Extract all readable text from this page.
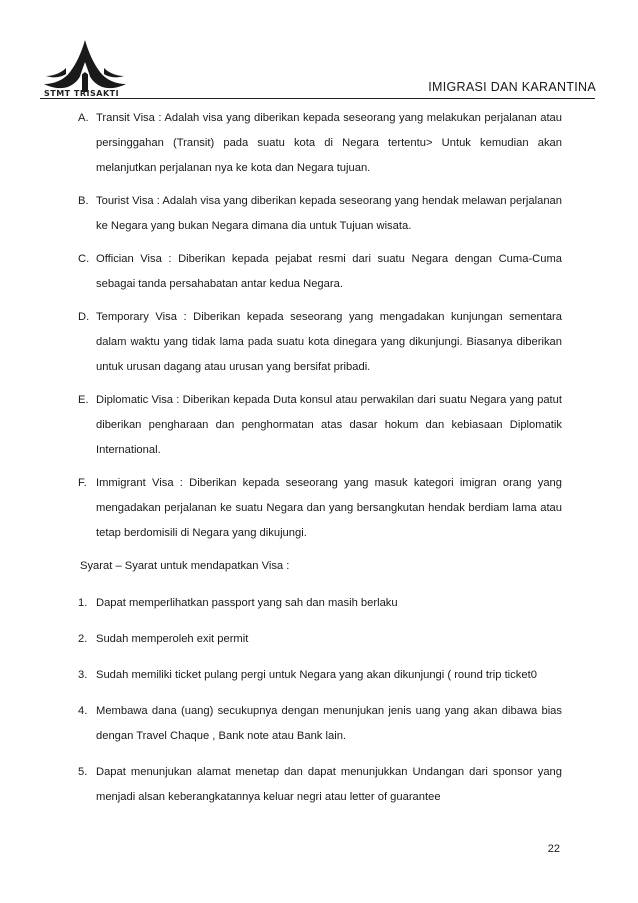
STMT TRISAKTI	IMIGRASI DAN KARANTINA
A. Transit Visa : Adalah visa yang diberikan kepada seseorang yang melakukan perjalanan atau persinggahan (Transit) pada suatu kota di Negara tertentu> Untuk kemudian akan melanjutkan perjalanan nya ke kota dan Negara tujuan.
B. Tourist Visa : Adalah visa yang diberikan kepada seseorang yang hendak melawan perjalanan ke Negara yang bukan Negara dimana dia untuk Tujuan wisata.
C. Offician Visa : Diberikan kepada pejabat resmi dari suatu Negara dengan Cuma-Cuma sebagai tanda persahabatan antar kedua Negara.
D. Temporary Visa : Diberikan kepada seseorang yang mengadakan kunjungan sementara dalam waktu yang tidak lama pada suatu kota dinegara yang dikunjungi. Biasanya diberikan untuk urusan dagang atau urusan yang bersifat pribadi.
E. Diplomatic Visa : Diberikan kepada Duta konsul atau perwakilan dari suatu Negara yang patut diberikan pengharaan dan penghormatan atas dasar hokum dan kebiasaan Diplomatik International.
F. Immigrant Visa : Diberikan kepada seseorang yang masuk kategori imigran orang yang mengadakan perjalanan ke suatu Negara dan yang bersangkutan hendak berdiam lama atau tetap berdomisili di Negara yang dikujungi.
Syarat – Syarat untuk mendapatkan Visa :
1. Dapat memperlihatkan passport yang sah dan masih berlaku
2. Sudah memperoleh exit permit
3. Sudah memiliki ticket pulang pergi untuk Negara yang akan dikunjungi ( round trip ticket0
4. Membawa dana (uang) secukupnya dengan menunjukan jenis uang yang akan dibawa bias dengan Travel Chaque , Bank note atau Bank lain.
5. Dapat menunjukan alamat menetap dan dapat menunjukkan Undangan dari sponsor yang menjadi alsan keberangkatannya keluar negri atau letter of guarantee
22
